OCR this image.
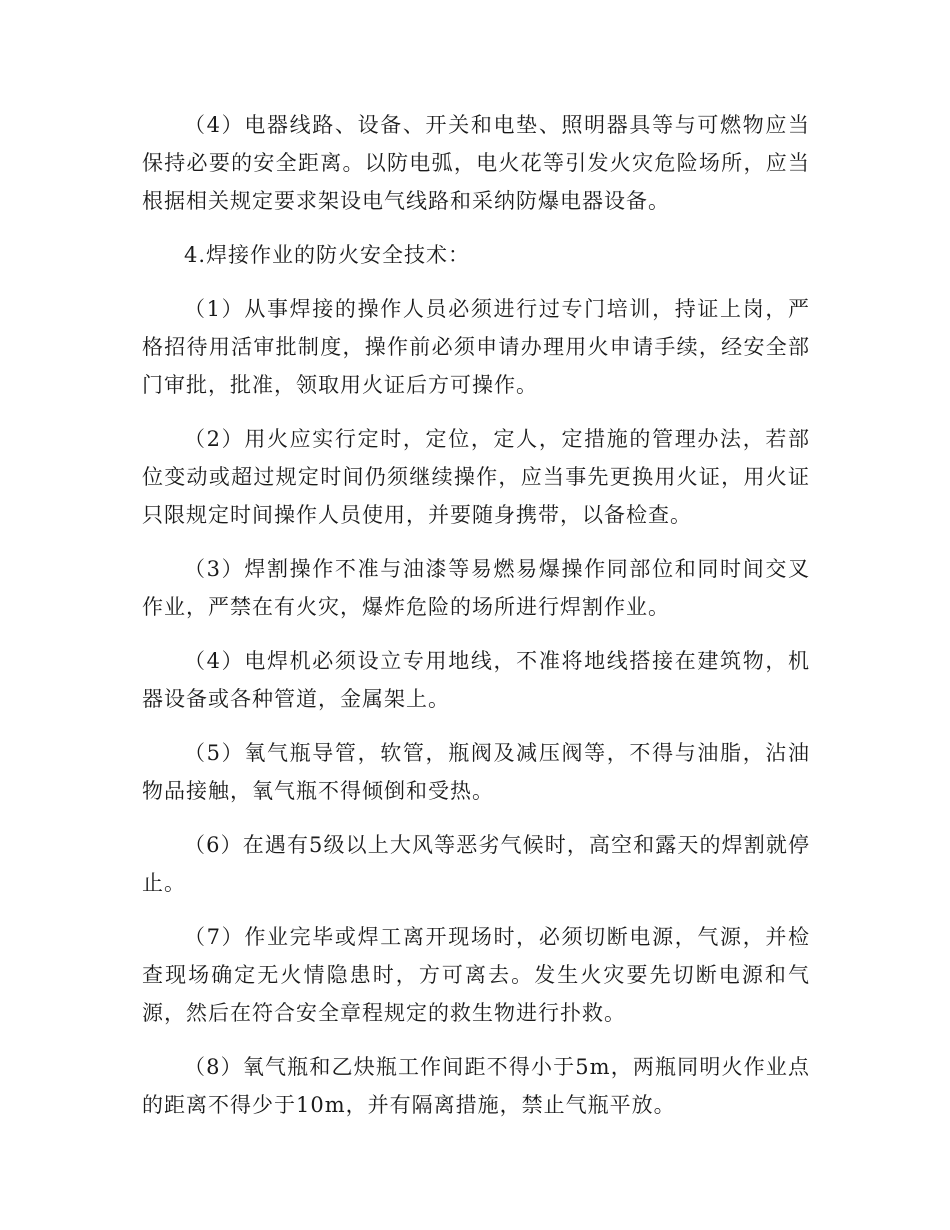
（4）电器线路、设备、开关和电垫、照明器具等与可燃物应当保持必要的安全距离。以防电弧，电火花等引发火灾危险场所，应当根据相关规定要求架设电气线路和采纳防爆电器设备。

4.焊接作业的防火安全技术：

（1）从事焊接的操作人员必须进行过专门培训，持证上岗，严格招待用活审批制度，操作前必须申请办理用火申请手续，经安全部门审批，批准，领取用火证后方可操作。

（2）用火应实行定时，定位，定人，定措施的管理办法，若部位变动或超过规定时间仍须继续操作，应当事先更换用火证，用火证只限规定时间操作人员使用，并要随身携带，以备检查。

（3）焊割操作不准与油漆等易燃易爆操作同部位和同时间交叉作业，严禁在有火灾，爆炸危险的场所进行焊割作业。

（4）电焊机必须设立专用地线，不准将地线搭接在建筑物，机器设备或各种管道，金属架上。

（5）氧气瓶导管，软管，瓶阀及减压阀等，不得与油脂，沾油物品接触，氧气瓶不得倾倒和受热。

（6）在遇有5级以上大风等恶劣气候时，高空和露天的焊割就停止。

（7）作业完毕或焊工离开现场时，必须切断电源，气源，并检查现场确定无火情隐患时，方可离去。发生火灾要先切断电源和气源，然后在符合安全章程规定的救生物进行扑救。

（8）氧气瓶和乙炔瓶工作间距不得小于5m，两瓶同明火作业点的距离不得少于10m，并有隔离措施，禁止气瓶平放。
